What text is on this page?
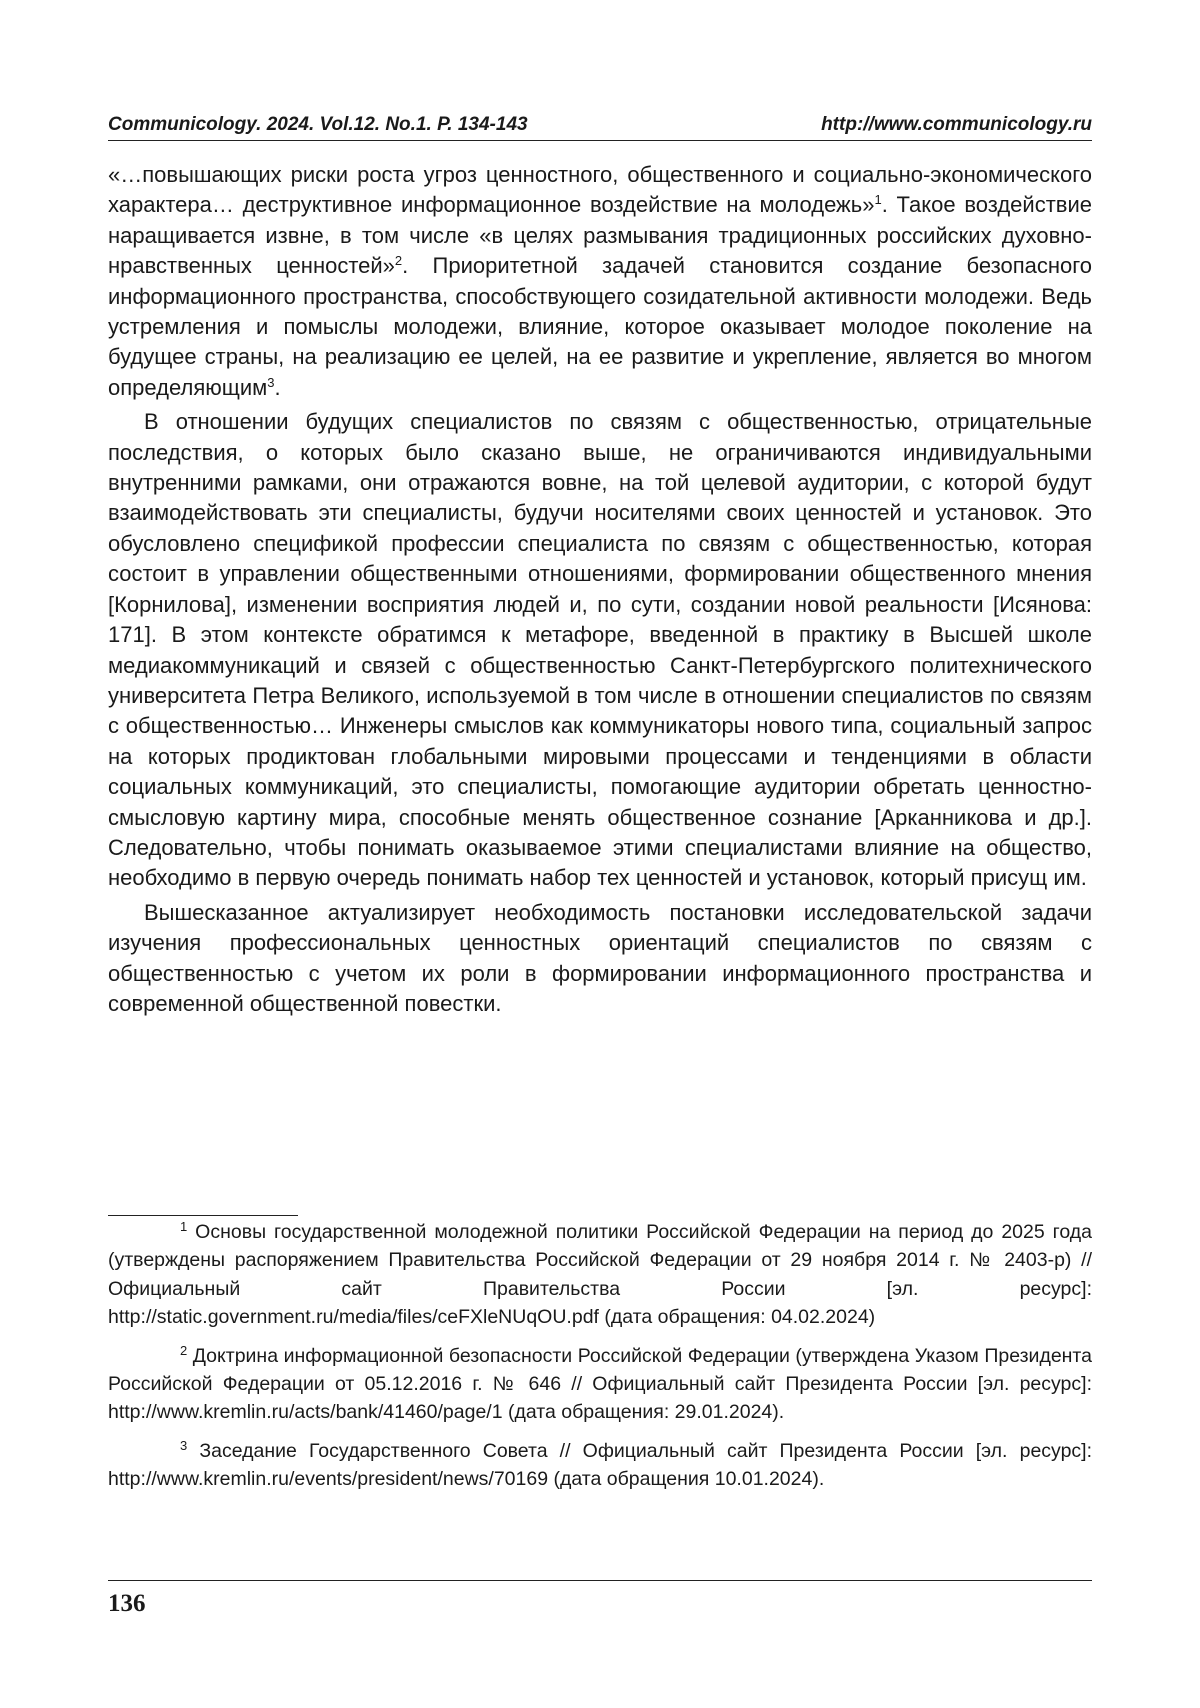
Communicology. 2024. Vol.12. No.1. P. 134-143	http://www.communicology.ru

«…повышающих риски роста угроз ценностного, общественного и социально-экономического характера… деструктивное информационное воздействие на молодежь»$^1$. Такое воздействие наращивается извне, в том числе «в целях размывания традиционных российских духовно-нравственных ценностей»$^2$. Приоритетной задачей становится создание безопасного информационного пространства, способствующего созидательной активности молодежи. Ведь устремления и помыслы молодежи, влияние, которое оказывает молодое поколение на будущее страны, на реализацию ее целей, на ее развитие и укрепление, является во многом определяющим$^3$.

В отношении будущих специалистов по связям с общественностью, отрицательные последствия, о которых было сказано выше, не ограничиваются индивидуальными внутренними рамками, они отражаются вовне, на той целевой аудитории, с которой будут взаимодействовать эти специалисты, будучи носителями своих ценностей и установок. Это обусловлено спецификой профессии специалиста по связям с общественностью, которая состоит в управлении общественными отношениями, формировании общественного мнения [Корнилова], изменении восприятия людей и, по сути, создании новой реальности [Исянова: 171]. В этом контексте обратимся к метафоре, введенной в практику в Высшей школе медиакоммуникаций и связей с общественностью Санкт-Петербургского политехнического университета Петра Великого, используемой в том числе в отношении специалистов по связям с общественностью… Инженеры смыслов как коммуникаторы нового типа, социальный запрос на которых продиктован глобальными мировыми процессами и тенденциями в области социальных коммуникаций, это специалисты, помогающие аудитории обретать ценностно-смысловую картину мира, способные менять общественное сознание [Арканникова и др.]. Следовательно, чтобы понимать оказываемое этими специалистами влияние на общество, необходимо в первую очередь понимать набор тех ценностей и установок, который присущ им.

Вышесказанное актуализирует необходимость постановки исследовательской задачи изучения профессиональных ценностных ориентаций специалистов по связям с общественностью с учетом их роли в формировании информационного пространства и современной общественной повестки.

$^1$ Основы государственной молодежной политики Российской Федерации на период до 2025 года (утверждены распоряжением Правительства Российской Федерации от 29 ноября 2014 г. № 2403-р) // Официальный сайт Правительства России [эл. ресурс]: http://static.government.ru/media/files/ceFXleNUqOU.pdf (дата обращения: 04.02.2024)

$^2$ Доктрина информационной безопасности Российской Федерации (утверждена Указом Президента Российской Федерации от 05.12.2016 г. № 646 // Официальный сайт Президента России [эл. ресурс]: http://www.kremlin.ru/acts/bank/41460/page/1 (дата обращения: 29.01.2024).

$^3$ Заседание Государственного Совета // Официальный сайт Президента России [эл. ресурс]: http://www.kremlin.ru/events/president/news/70169 (дата обращения 10.01.2024).

136
